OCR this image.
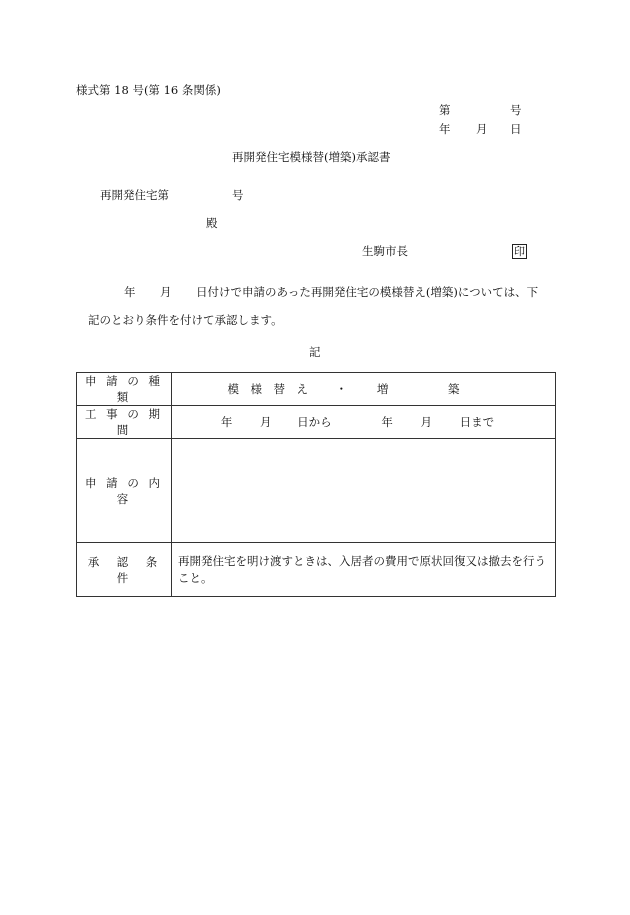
様式第 18 号(第 16 条関係)
第	号
年 月 日
再開発住宅模様替(増築)承認書
再開発住宅第	号
殿
生駒市長	印
年 月 日付けで申請のあった再開発住宅の模様替え(増築)については、下
記のとおり条件を付けて承認します。
記
申 請 の 種 類	模　様　替　え ・ 増 築
工 事 の 期 間	年 月 日から 年 月 日まで
申 請 の 内 容	
承　認　条　件	再開発住宅を明け渡すときは、入居者の費用で原状回復又は撤去を行うこと。
